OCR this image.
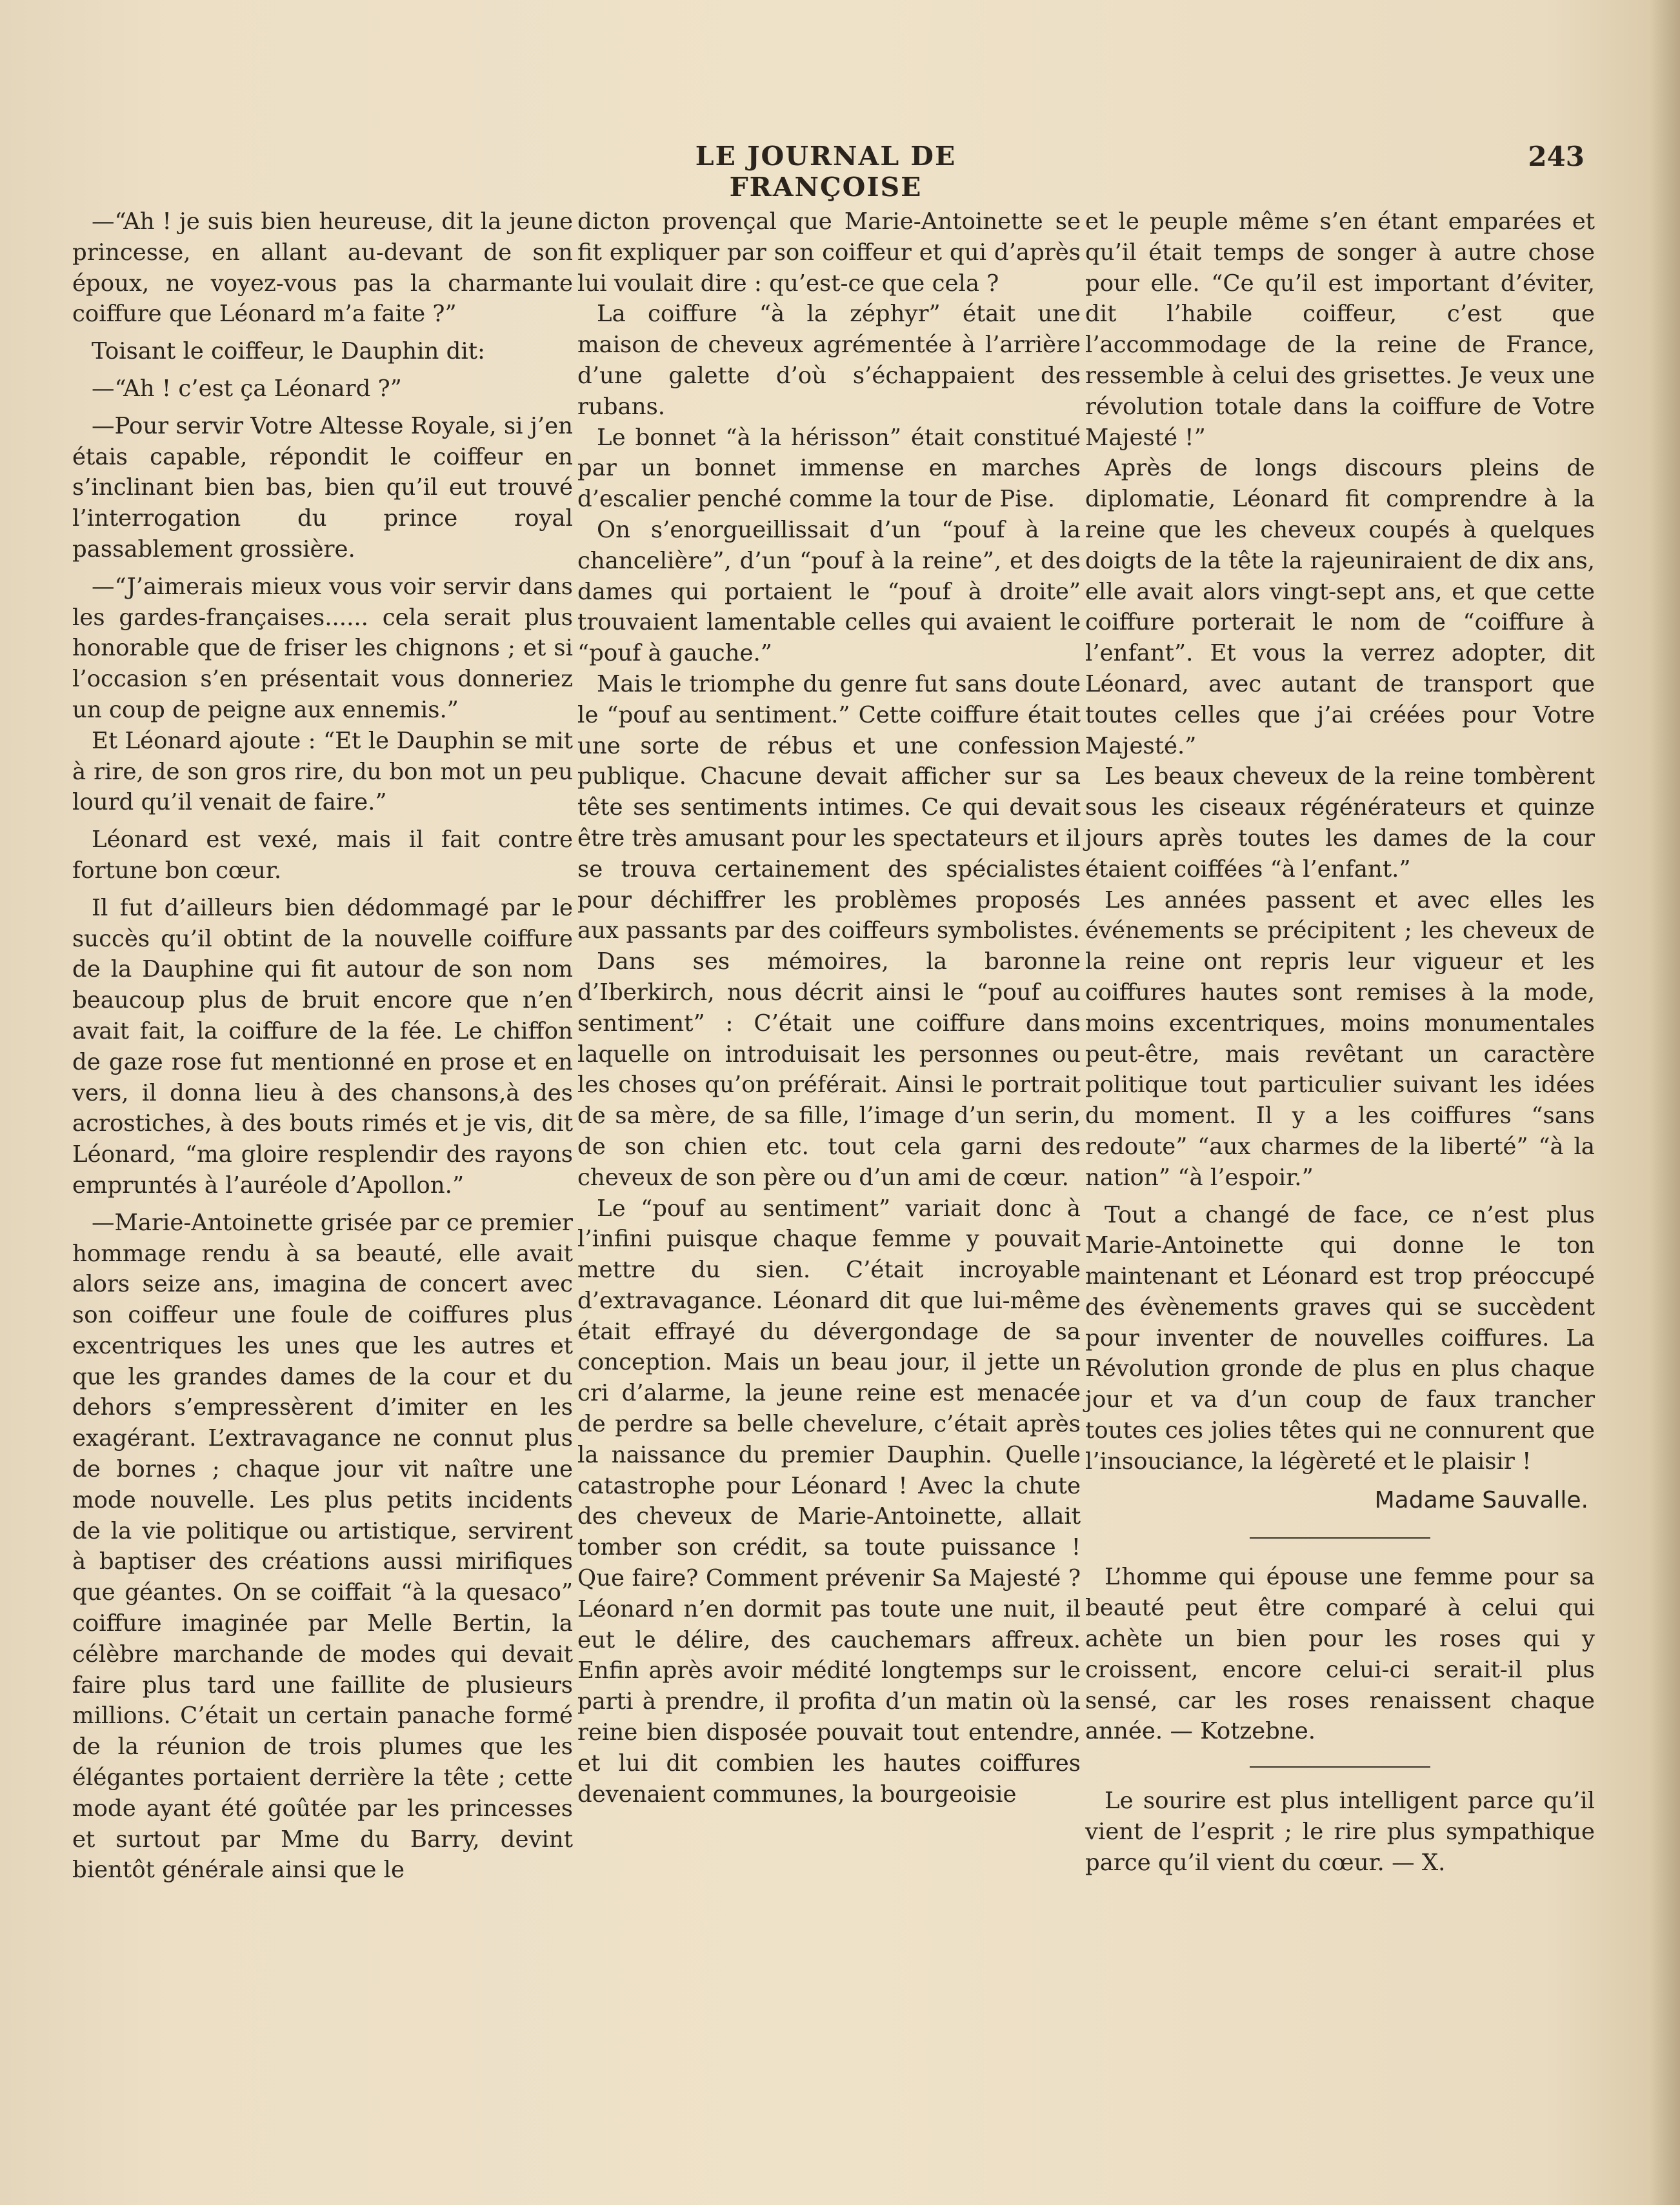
LE JOURNAL DE FRANÇOISE
243

—“Ah ! je suis bien heureuse, dit la jeune princesse, en allant au-devant de son époux, ne voyez-vous pas la charmante coiffure que Léonard m’a faite ?”

Toisant le coiffeur, le Dauphin dit:

—“Ah ! c’est ça Léonard ?”

—Pour servir Votre Altesse Royale, si j’en étais capable, répondit le coiffeur en s’inclinant bien bas, bien qu’il eut trouvé l’interrogation du prince royal passablement grossière.

—“J’aimerais mieux vous voir servir dans les gardes-françaises...... cela serait plus honorable que de friser les chignons ; et si l’occasion s’en présentait vous donneriez un coup de peigne aux ennemis.”

Et Léonard ajoute : “Et le Dauphin se mit à rire, de son gros rire, du bon mot un peu lourd qu’il venait de faire.”

Léonard est vexé, mais il fait contre fortune bon cœur.

Il fut d’ailleurs bien dédommagé par le succès qu’il obtint de la nouvelle coiffure de la Dauphine qui fit autour de son nom beaucoup plus de bruit encore que n’en avait fait, la coiffure de la fée. Le chiffon de gaze rose fut mentionné en prose et en vers, il donna lieu à des chansons,à des acrostiches, à des bouts rimés et je vis, dit Léonard, “ma gloire resplendir des rayons empruntés à l’auréole d’Apollon.”

—Marie-Antoinette grisée par ce premier hommage rendu à sa beauté, elle avait alors seize ans, imagina de concert avec son coiffeur une foule de coiffures plus excentriques les unes que les autres et que les grandes dames de la cour et du dehors s’empressèrent d’imiter en les exagérant. L’extravagance ne connut plus de bornes ; chaque jour vit naître une mode nouvelle. Les plus petits incidents de la vie politique ou artistique, servirent à baptiser des créations aussi mirifiques que géantes. On se coiffait “à la quesaco” coiffure imaginée par Melle Bertin, la célèbre marchande de modes qui devait faire plus tard une faillite de plusieurs millions. C’était un certain panache formé de la réunion de trois plumes que les élégantes portaient derrière la tête ; cette mode ayant été goûtée par les princesses et surtout par Mme du Barry, devint bientôt générale ainsi que le

dicton provençal que Marie-Antoinette se fit expliquer par son coiffeur et qui d’après lui voulait dire : qu’est-ce que cela ?

La coiffure “à la zéphyr” était une maison de cheveux agrémentée à l’arrière d’une galette d’où s’échappaient des rubans.

Le bonnet “à la hérisson” était constitué par un bonnet immense en marches d’escalier penché comme la tour de Pise.

On s’enorgueillissait d’un “pouf à la chancelière”, d’un “pouf à la reine”, et des dames qui portaient le “pouf à droite” trouvaient lamentable celles qui avaient le “pouf à gauche.”

Mais le triomphe du genre fut sans doute le “pouf au sentiment.” Cette coiffure était une sorte de rébus et une confession publique. Chacune devait afficher sur sa tête ses sentiments intimes. Ce qui devait être très amusant pour les spectateurs et il se trouva certainement des spécialistes pour déchiffrer les problèmes proposés aux passants par des coiffeurs symbolistes.

Dans ses mémoires, la baronne d’Iberkirch, nous décrit ainsi le “pouf au sentiment” : C’était une coiffure dans laquelle on introduisait les personnes ou les choses qu’on préférait. Ainsi le portrait de sa mère, de sa fille, l’image d’un serin, de son chien etc. tout cela garni des cheveux de son père ou d’un ami de cœur.

Le “pouf au sentiment” variait donc à l’infini puisque chaque femme y pouvait mettre du sien. C’était incroyable d’extravagance. Léonard dit que lui-même était effrayé du dévergondage de sa conception. Mais un beau jour, il jette un cri d’alarme, la jeune reine est menacée de perdre sa belle chevelure, c’était après la naissance du premier Dauphin. Quelle catastrophe pour Léonard ! Avec la chute des cheveux de Marie-Antoinette, allait tomber son crédit, sa toute puissance ! Que faire? Comment prévenir Sa Majesté ? Léonard n’en dormit pas toute une nuit, il eut le délire, des cauchemars affreux. Enfin après avoir médité longtemps sur le parti à prendre, il profita d’un matin où la reine bien disposée pouvait tout entendre, et lui dit combien les hautes coiffures devenaient communes, la bourgeoisie

et le peuple même s’en étant emparées et qu’il était temps de songer à autre chose pour elle. “Ce qu’il est important d’éviter, dit l’habile coiffeur, c’est que l’accommodage de la reine de France, ressemble à celui des grisettes. Je veux une révolution totale dans la coiffure de Votre Majesté !”

Après de longs discours pleins de diplomatie, Léonard fit comprendre à la reine que les cheveux coupés à quelques doigts de la tête la rajeuniraient de dix ans, elle avait alors vingt-sept ans, et que cette coiffure porterait le nom de “coiffure à l’enfant”. Et vous la verrez adopter, dit Léonard, avec autant de transport que toutes celles que j’ai créées pour Votre Majesté.”

Les beaux cheveux de la reine tombèrent sous les ciseaux régénérateurs et quinze jours après toutes les dames de la cour étaient coiffées “à l’enfant.”

Les années passent et avec elles les événements se précipitent ; les cheveux de la reine ont repris leur vigueur et les coiffures hautes sont remises à la mode, moins excentriques, moins monumentales peut-être, mais revêtant un caractère politique tout particulier suivant les idées du moment. Il y a les coiffures “sans redoute” “aux charmes de la liberté” “à la nation” “à l’espoir.”

Tout a changé de face, ce n’est plus Marie-Antoinette qui donne le ton maintenant et Léonard est trop préoccupé des évènements graves qui se succèdent pour inventer de nouvelles coiffures. La Révolution gronde de plus en plus chaque jour et va d’un coup de faux trancher toutes ces jolies têtes qui ne connurent que l’insouciance, la légèreté et le plaisir !

Madame Sauvalle.

L’homme qui épouse une femme pour sa beauté peut être comparé à celui qui achète un bien pour les roses qui y croissent, encore celui-ci serait-il plus sensé, car les roses renaissent chaque année. — Kotzebne.

Le sourire est plus intelligent parce qu’il vient de l’esprit ; le rire plus sympathique parce qu’il vient du cœur. — X.
